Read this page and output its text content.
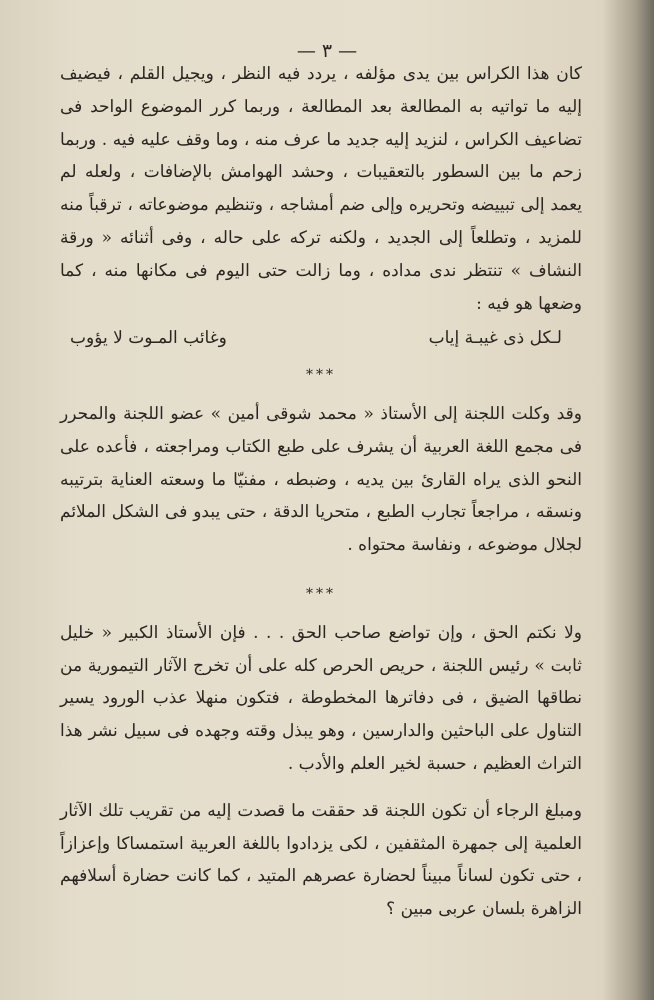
— ٣ —

كان هذا الكراس بين يدى مؤلفه ، يردد فيه النظر ، ويجيل القلم ، فيضيف إليه ما تواتيه به المطالعة بعد المطالعة ، وربما كرر الموضوع الواحد فى تضاعيف الكراس ، لنزيد إليه جديد ما عرف منه ، وما وقف عليه فيه . وربما زحم ما بين السطور بالتعقيبات ، وحشد الهوامش بالإضافات ، ولعله لم يعمد إلى تبييضه وتحريره وإلى ضم أمشاجه ، وتنظيم موضوعاته ، ترقباً منه للمزيد ، وتطلعاً إلى الجديد ، ولكنه تركه على حاله ، وفى أثنائه « ورقة النشاف » تنتظر ندى مداده ، وما زالت حتى اليوم فى مكانها منه ، كما وضعها هو فيه :

لـكل ذى غيبـة إياب
وغائب المـوت لا يؤوب
***

وقد وكلت اللجنة إلى الأستاذ « محمد شوقى أمين » عضو اللجنة والمحرر فى مجمع اللغة العربية أن يشرف على طبع الكتاب ومراجعته ، فأعده على النحو الذى يراه القارئ بين يديه ، وضبطه ، مفنيّا ما وسعته العناية بترتيبه ونسقه ، مراجعاً تجارب الطبع ، متحريا الدقة ، حتى يبدو فى الشكل الملائم لجلال موضوعه ، ونفاسة محتواه .

***

ولا نكتم الحق ، وإن تواضع صاحب الحق . . . فإن الأستاذ الكبير « خليل ثابت » رئيس اللجنة ، حريص الحرص كله على أن تخرج الآثار التيمورية من نطاقها الضيق ، فى دفاترها المخطوطة ، فتكون منهلا عذب الورود يسير التناول على الباحثين والدارسين ، وهو يبذل وقته وجهده فى سبيل نشر هذا التراث العظيم ، حسبة لخير العلم والأدب .

ومبلغ الرجاء أن تكون اللجنة قد حققت ما قصدت إليه من تقريب تلك الآثار العلمية إلى جمهرة المثقفين ، لكى يزدادوا باللغة العربية استمساكا وإعزازاً ، حتى تكون لساناً مبيناً لحضارة عصرهم المتيد ، كما كانت حضارة أسلافهم الزاهرة بلسان عربى مبين ؟
